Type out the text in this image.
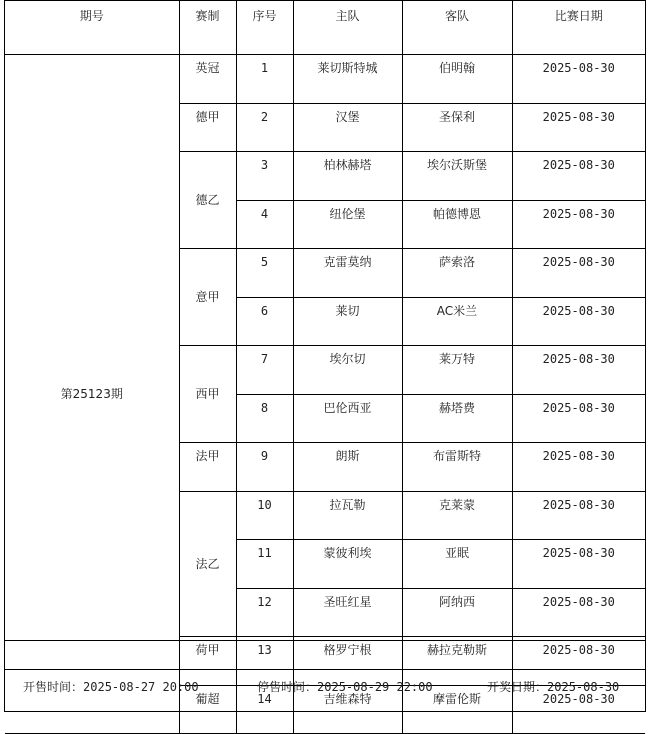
期号	赛制	序号	主队	客队	比赛日期
第25123期	英冠	1	莱切斯特城	伯明翰	2025-08-30
	德甲	2	汉堡	圣保利	2025-08-30
	德乙	3	柏林赫塔	埃尔沃斯堡	2025-08-30
		4	纽伦堡	帕德博恩	2025-08-30
	意甲	5	克雷莫纳	萨索洛	2025-08-30
		6	莱切	AC米兰	2025-08-30
	西甲	7	埃尔切	莱万特	2025-08-30
		8	巴伦西亚	赫塔费	2025-08-30
	法甲	9	朗斯	布雷斯特	2025-08-30
	法乙	10	拉瓦勒	克莱蒙	2025-08-30
		11	蒙彼利埃	亚眠	2025-08-30
		12	圣旺红星	阿纳西	2025-08-30
	荷甲	13	格罗宁根	赫拉克勒斯	2025-08-30
	葡超	14	吉维森特	摩雷伦斯	2025-08-30
开售时间：2025-08-27 20:00	停售时间：2025-08-29 22:00	开奖日期：2025-08-30
